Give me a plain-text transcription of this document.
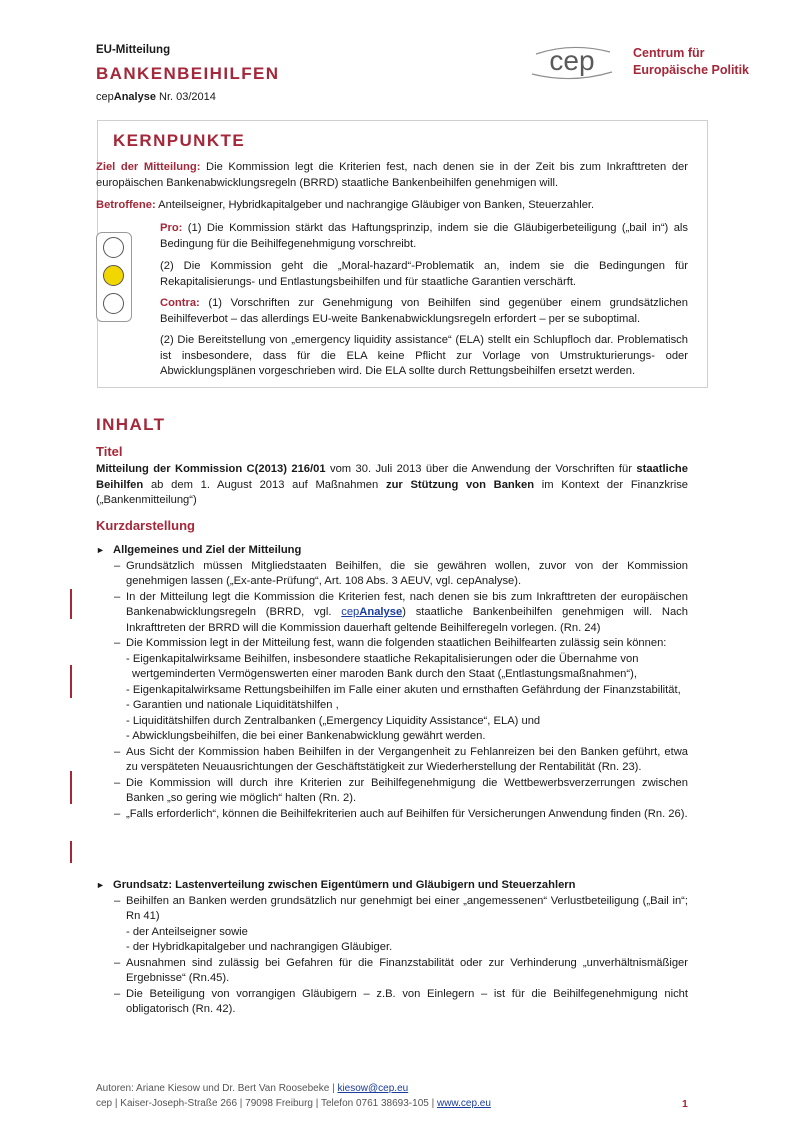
EU-Mitteilung
BANKENBEIHILFEN
cepAnalyse Nr. 03/2014
cep	Centrum für
Europäische Politik
KERNPUNKTE
Ziel der Mitteilung: Die Kommission legt die Kriterien fest, nach denen sie in der Zeit bis zum Inkrafttreten der europäischen Bankenabwicklungsregeln (BRRD) staatliche Bankenbeihilfen genehmigen will.
Betroffene: Anteilseigner, Hybridkapitalgeber und nachrangige Gläubiger von Banken, Steuerzahler.
Pro: (1) Die Kommission stärkt das Haftungsprinzip, indem sie die Gläubigerbeteiligung („bail in“) als Bedingung für die Beihilfegenehmigung vorschreibt.
(2) Die Kommission geht die „Moral-hazard“-Problematik an, indem sie die Bedingungen für Rekapitalisierungs- und Entlastungsbeihilfen und für staatliche Garantien verschärft.
Contra: (1) Vorschriften zur Genehmigung von Beihilfen sind gegenüber einem grundsätzlichen Beihilfeverbot – das allerdings EU-weite Bankenabwicklungsregeln erfordert – per se suboptimal.
(2) Die Bereitstellung von „emergency liquidity assistance“ (ELA) stellt ein Schlupfloch dar. Problematisch ist insbesondere, dass für die ELA keine Pflicht zur Vorlage von Umstrukturierungs- oder Abwicklungsplänen vorgeschrieben wird. Die ELA sollte durch Rettungsbeihilfen ersetzt werden.
INHALT
Titel
Mitteilung der Kommission C(2013) 216/01 vom 30. Juli 2013 über die Anwendung der Vorschriften für staatliche Beihilfen ab dem 1. August 2013 auf Maßnahmen zur Stützung von Banken im Kontext der Finanzkrise („Bankenmitteilung“)
Kurzdarstellung
► Allgemeines und Ziel der Mitteilung
– Grundsätzlich müssen Mitgliedstaaten Beihilfen, die sie gewähren wollen, zuvor von der Kommission genehmigen lassen („Ex-ante-Prüfung“, Art. 108 Abs. 3 AEUV, vgl. cepAnalyse).
– In der Mitteilung legt die Kommission die Kriterien fest, nach denen sie bis zum Inkrafttreten der europäischen Bankenabwicklungsregeln (BRRD, vgl. cepAnalyse) staatliche Bankenbeihilfen genehmigen will. Nach Inkrafttreten der BRRD will die Kommission dauerhaft geltende Beihilferegeln vorlegen. (Rn. 24)
– Die Kommission legt in der Mitteilung fest, wann die folgenden staatlichen Beihilfearten zulässig sein können:
- Eigenkapitalwirksame Beihilfen, insbesondere staatliche Rekapitalisierungen oder die Übernahme von wertgeminderten Vermögenswerten einer maroden Bank durch den Staat („Entlastungsmaßnahmen“),
- Eigenkapitalwirksame Rettungsbeihilfen im Falle einer akuten und ernsthaften Gefährdung der Finanzstabilität,
- Garantien und nationale Liquiditätshilfen ,
- Liquiditätshilfen durch Zentralbanken („Emergency Liquidity Assistance“, ELA) und
- Abwicklungsbeihilfen, die bei einer Bankenabwicklung gewährt werden.
– Aus Sicht der Kommission haben Beihilfen in der Vergangenheit zu Fehlanreizen bei den Banken geführt, etwa zu verspäteten Neuausrichtungen der Geschäftstätigkeit zur Wiederherstellung der Rentabilität (Rn. 23).
– Die Kommission will durch ihre Kriterien zur Beihilfegenehmigung die Wettbewerbsverzerrungen zwischen Banken „so gering wie möglich“ halten (Rn. 2).
– „Falls erforderlich“, können die Beihilfekriterien auch auf Beihilfen für Versicherungen Anwendung finden (Rn. 26).
► Grundsatz: Lastenverteilung zwischen Eigentümern und Gläubigern und Steuerzahlern
– Beihilfen an Banken werden grundsätzlich nur genehmigt bei einer „angemessenen“ Verlustbeteiligung („Bail in“; Rn 41)
- der Anteilseigner sowie
- der Hybridkapitalgeber und nachrangigen Gläubiger.
– Ausnahmen sind zulässig bei Gefahren für die Finanzstabilität oder zur Verhinderung „unverhältnismäßiger Ergebnisse“ (Rn.45).
– Die Beteiligung von vorrangigen Gläubigern – z.B. von Einlegern – ist für die Beihilfegenehmigung nicht obligatorisch (Rn. 42).
Autoren: Ariane Kiesow und Dr. Bert Van Roosebeke | kiesow@cep.eu
cep | Kaiser-Joseph-Straße 266 | 79098 Freiburg | Telefon 0761 38693-105 | www.cep.eu	1
